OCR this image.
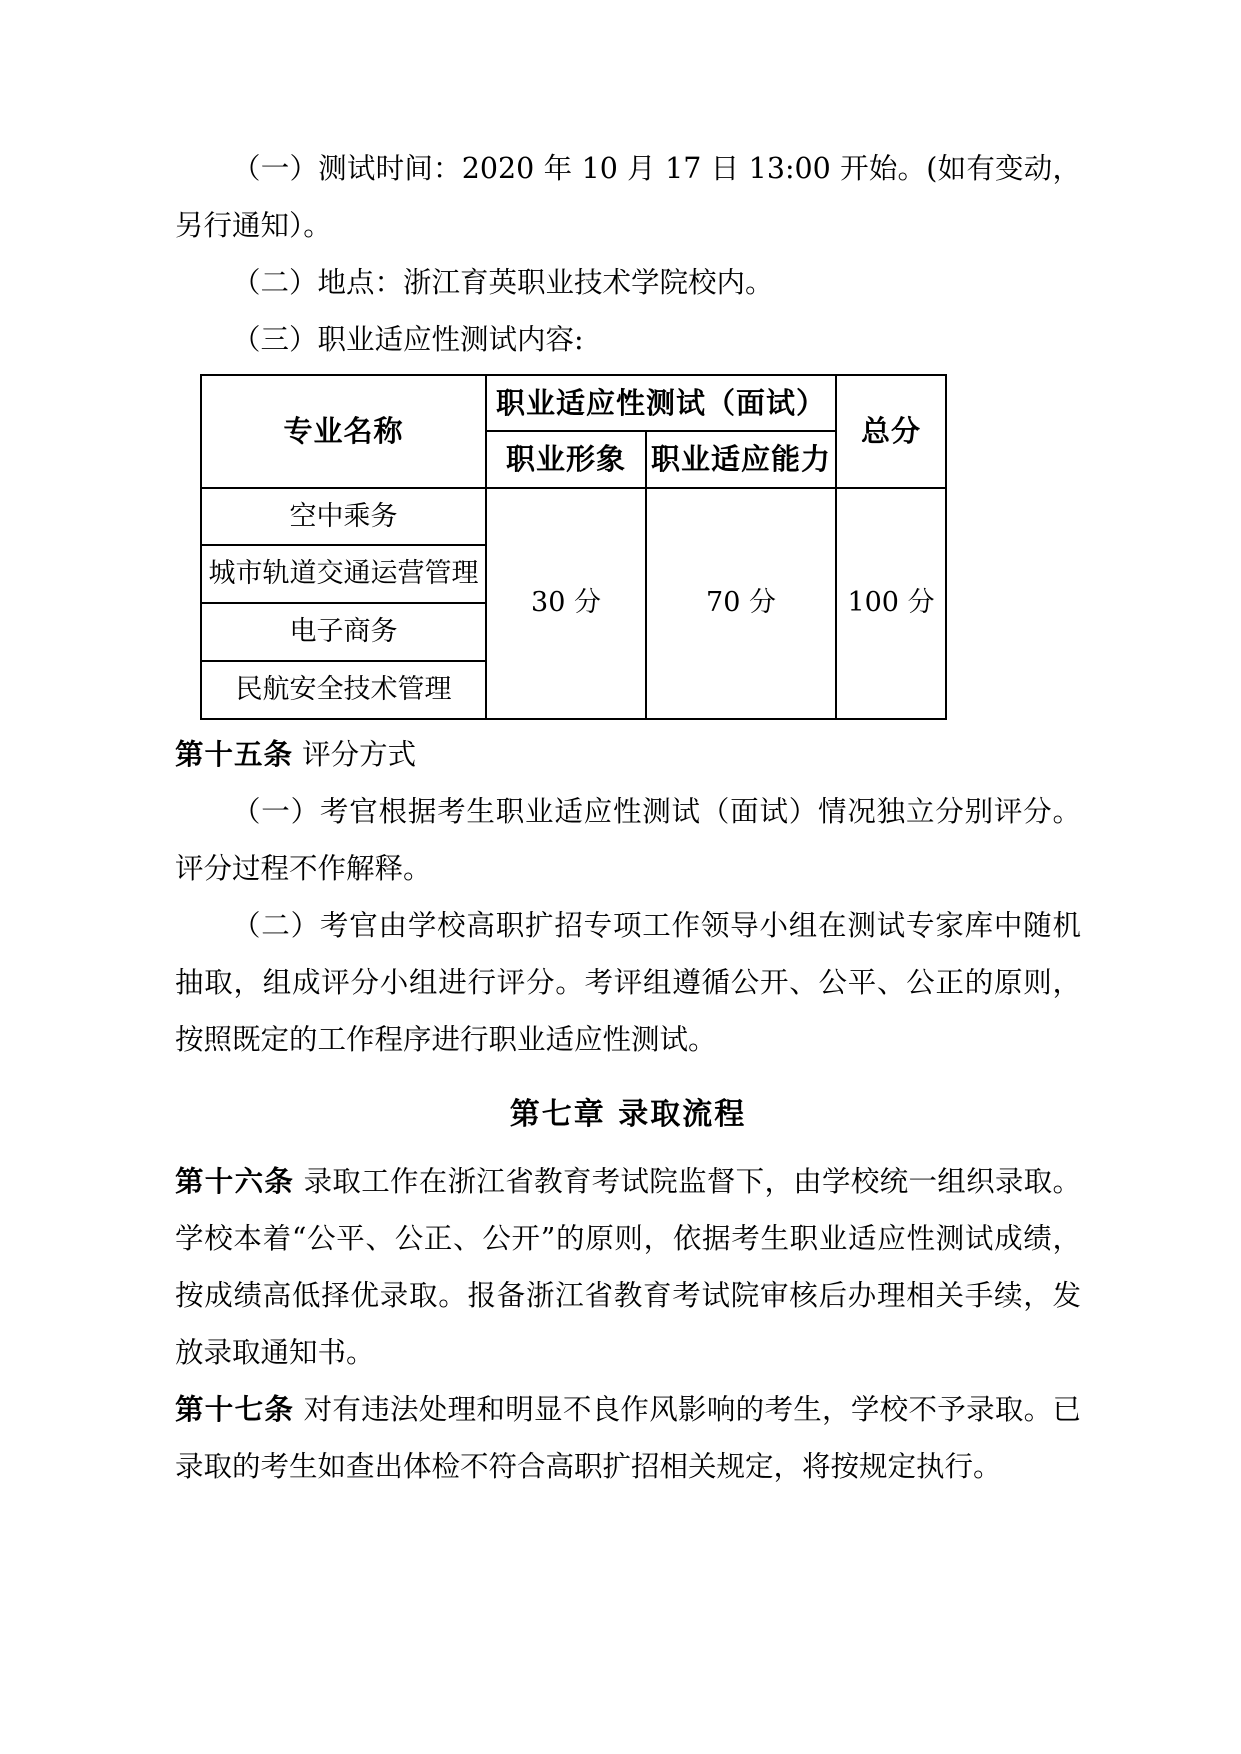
（一）测试时间：2020 年 10 月 17 日 13:00 开始。(如有变动，另行通知）。

（二）地点：浙江育英职业技术学院校内。

（三）职业适应性测试内容:

专业名称	职业适应性测试（面试）		总分
	职业形象	职业适应能力	
空中乘务	30 分	70 分	100 分
城市轨道交通运营管理			
电子商务			
民航安全技术管理			

第十五条 评分方式

（一）考官根据考生职业适应性测试（面试）情况独立分别评分。评分过程不作解释。

（二）考官由学校高职扩招专项工作领导小组在测试专家库中随机抽取，组成评分小组进行评分。考评组遵循公开、公平、公正的原则，按照既定的工作程序进行职业适应性测试。

第七章 录取流程

第十六条 录取工作在浙江省教育考试院监督下，由学校统一组织录取。学校本着“公平、公正、公开”的原则，依据考生职业适应性测试成绩，按成绩高低择优录取。报备浙江省教育考试院审核后办理相关手续，发放录取通知书。

第十七条 对有违法处理和明显不良作风影响的考生，学校不予录取。已录取的考生如查出体检不符合高职扩招相关规定，将按规定执行。
